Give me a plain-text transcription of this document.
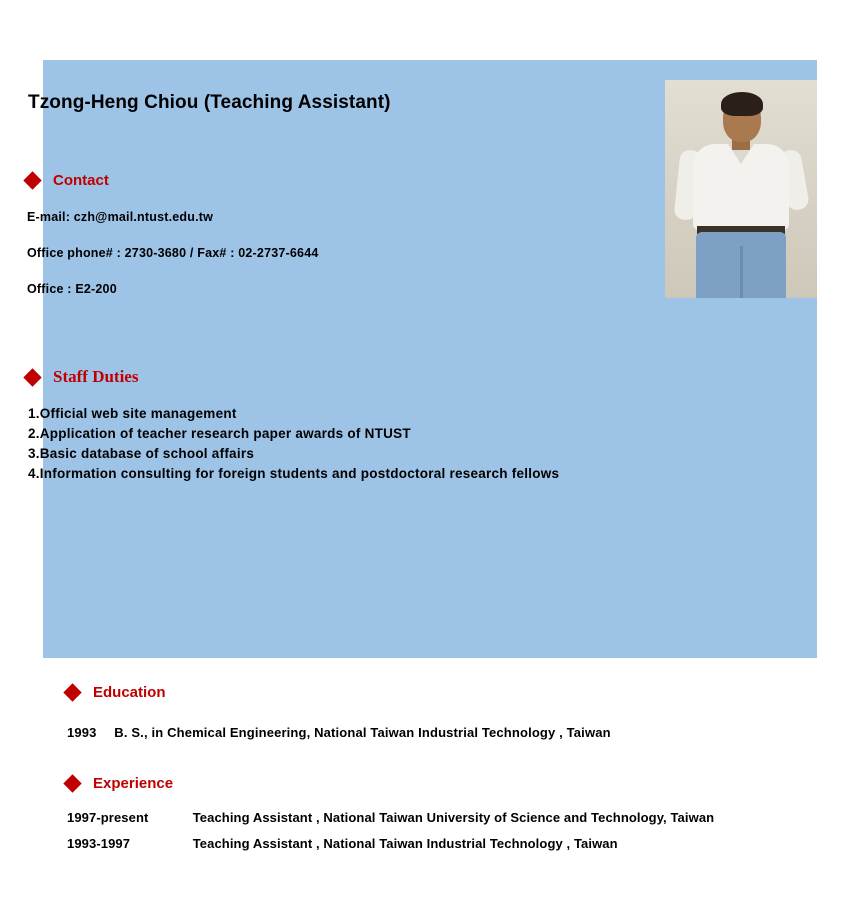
Tzong-Heng Chiou (Teaching Assistant)
Contact
E-mail: czh@mail.ntust.edu.tw
Office phone# : 2730-3680 / Fax# : 02-2737-6644
Office : E2-200
Staff Duties
1.Official web site management
2.Application of teacher research paper awards of NTUST
3.Basic database of school affairs
4.Information consulting for foreign students and postdoctoral research fellows
Education
1993 B. S., in Chemical Engineering, National Taiwan Industrial Technology , Taiwan
Experience
1997-present	Teaching Assistant , National Taiwan University of Science and Technology, Taiwan
1993-1997	Teaching Assistant , National Taiwan Industrial Technology , Taiwan
